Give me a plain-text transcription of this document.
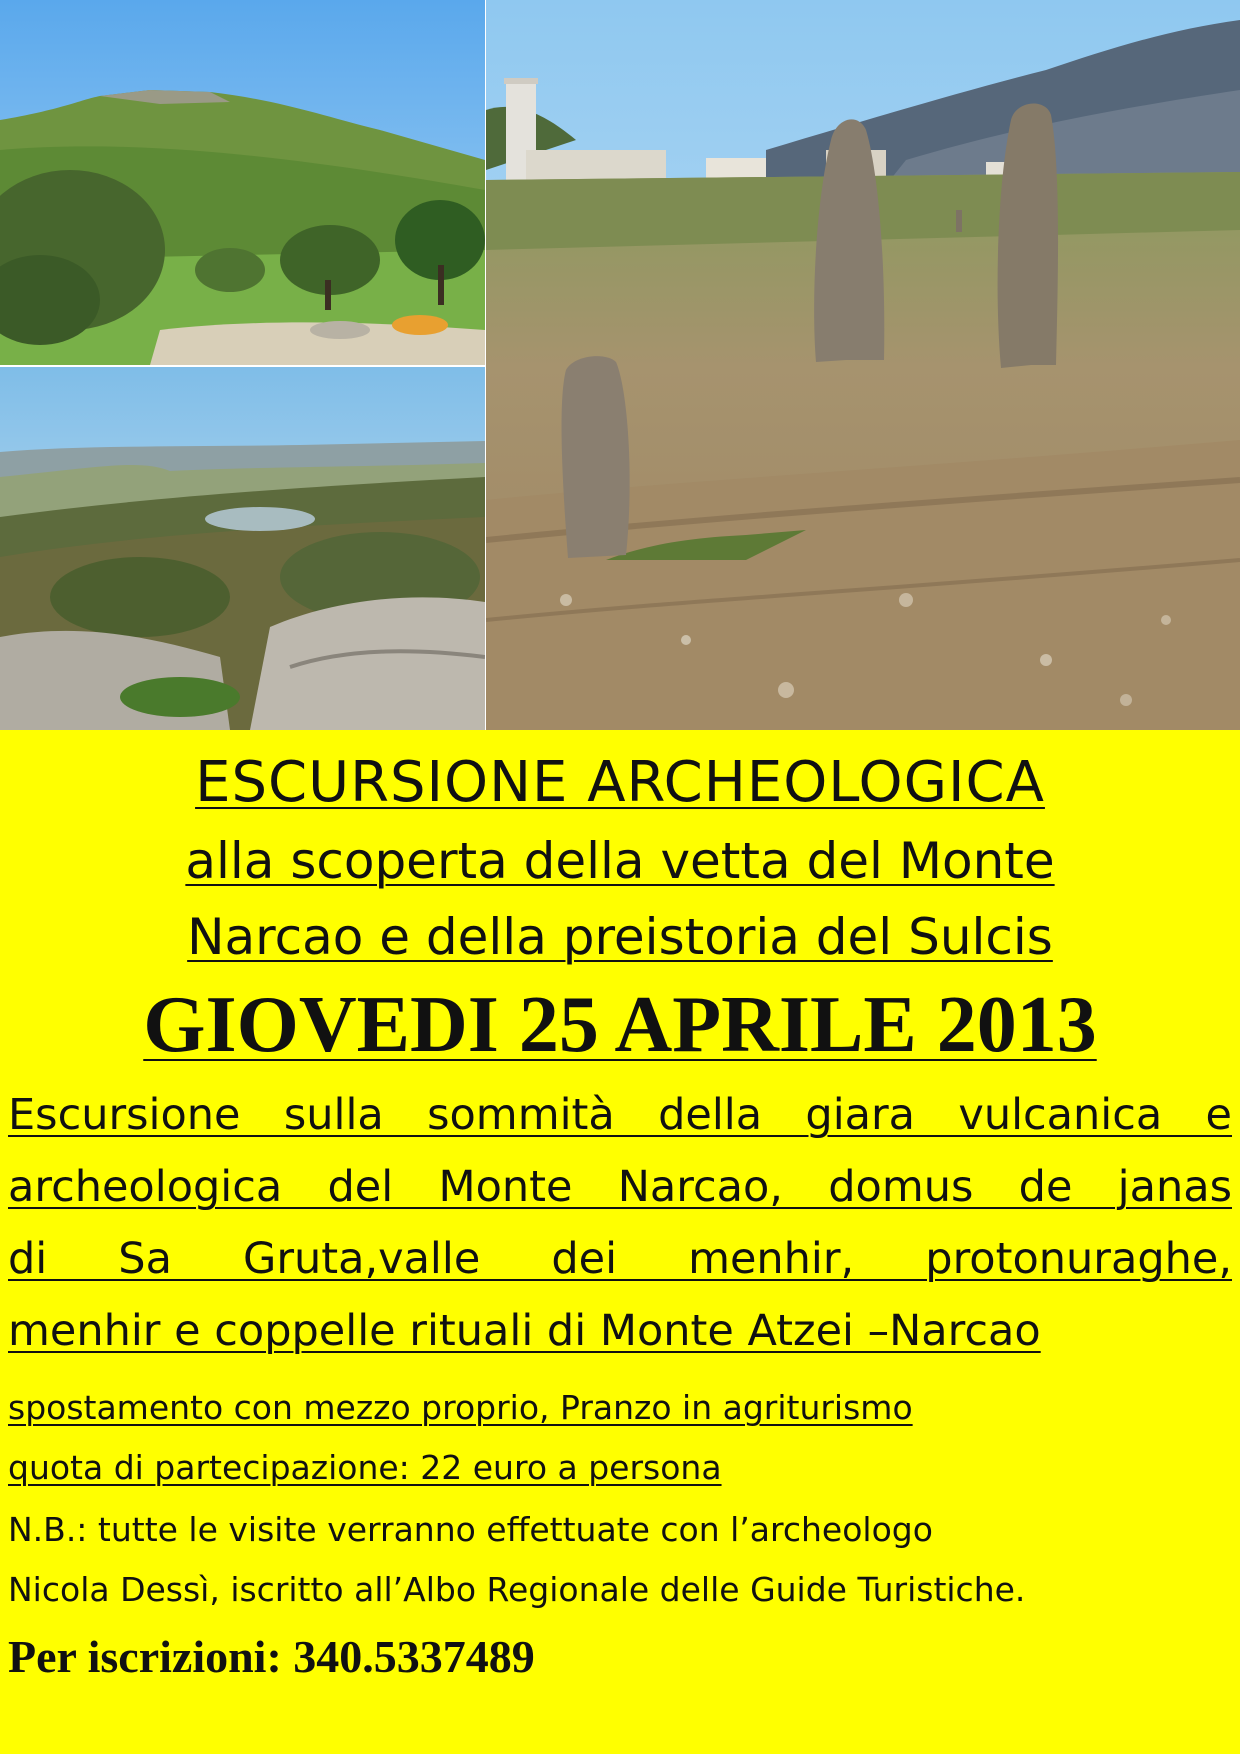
ESCURSIONE ARCHEOLOGICA
alla scoperta della vetta del Monte
Narcao e della preistoria del Sulcis
GIOVEDI 25 APRILE 2013
Escursione sulla sommità della giara vulcanica e
archeologica del Monte Narcao, domus de janas
di Sa Gruta,valle dei menhir, protonuraghe,
menhir e coppelle rituali di Monte Atzei –Narcao
spostamento con mezzo proprio, Pranzo in agriturismo
quota di partecipazione: 22 euro a persona
N.B.: tutte le visite verranno effettuate con l’archeologo
Nicola Dessì, iscritto all’Albo Regionale delle Guide Turistiche.
Per iscrizioni: 340.5337489
